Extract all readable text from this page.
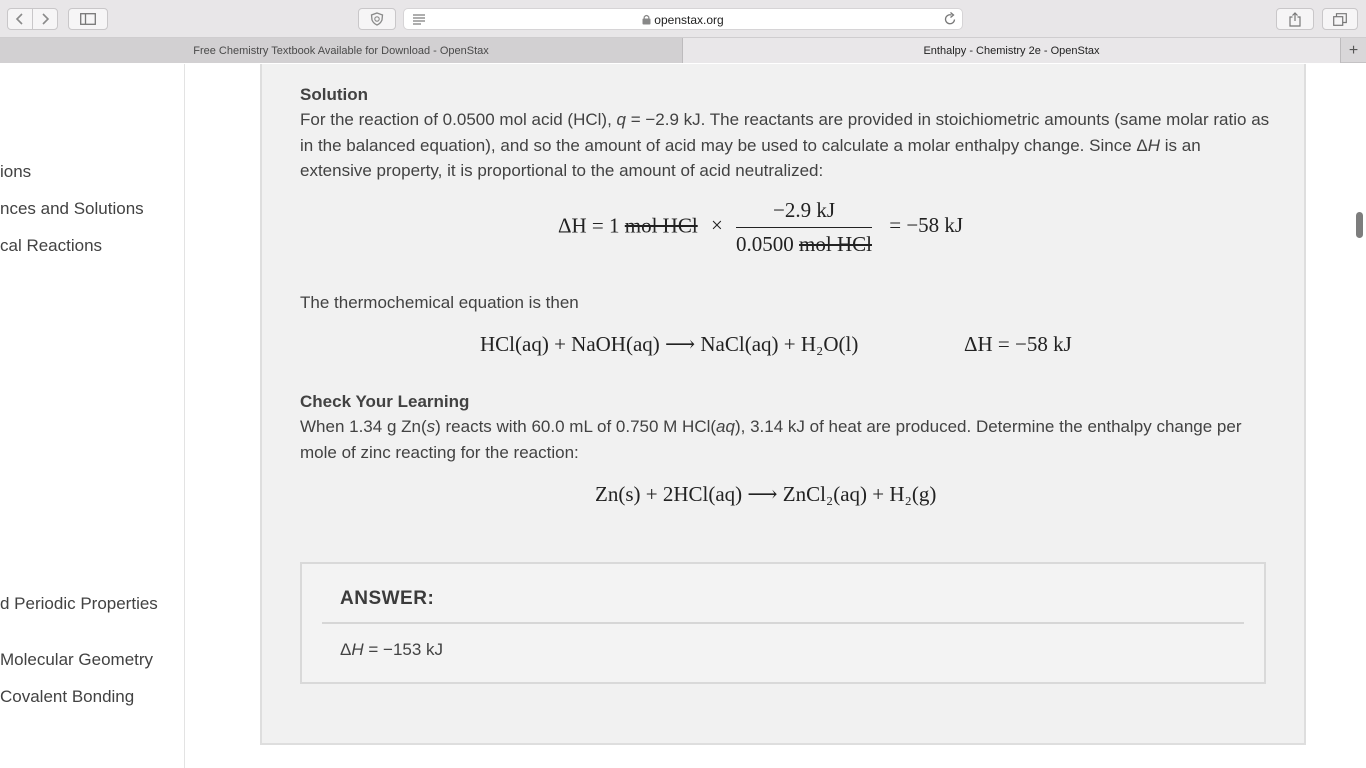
openstax.org
Free Chemistry Textbook Available for Download - OpenStax	Enthalpy - Chemistry 2e - OpenStax	+
ions
nces and Solutions
cal Reactions
d Periodic Properties
Molecular Geometry
Covalent Bonding
Solution
For the reaction of 0.0500 mol acid (HCl), q = −2.9 kJ. The reactants are provided in stoichiometric amounts (same molar ratio as in the balanced equation), and so the amount of acid may be used to calculate a molar enthalpy change. Since ΔH is an extensive property, it is proportional to the amount of acid neutralized:
ΔH = 1 mol HCl × $\frac{-2.9 kJ}{\text{0.0500 mol HCl}} = -58$ kJ
The thermochemical equation is then
HCl(aq) + NaOH(aq) ⟶ NaCl(aq) + H₂O(l)	ΔH = −58 kJ
Check Your Learning
When 1.34 g Zn(s) reacts with 60.0 mL of 0.750 M HCl(aq), 3.14 kJ of heat are produced. Determine the enthalpy change per mole of zinc reacting for the reaction:
Zn(s) + 2HCl(aq) ⟶ ZnCl₂(aq) + H₂(g)
ANSWER:
ΔH = −153 kJ
